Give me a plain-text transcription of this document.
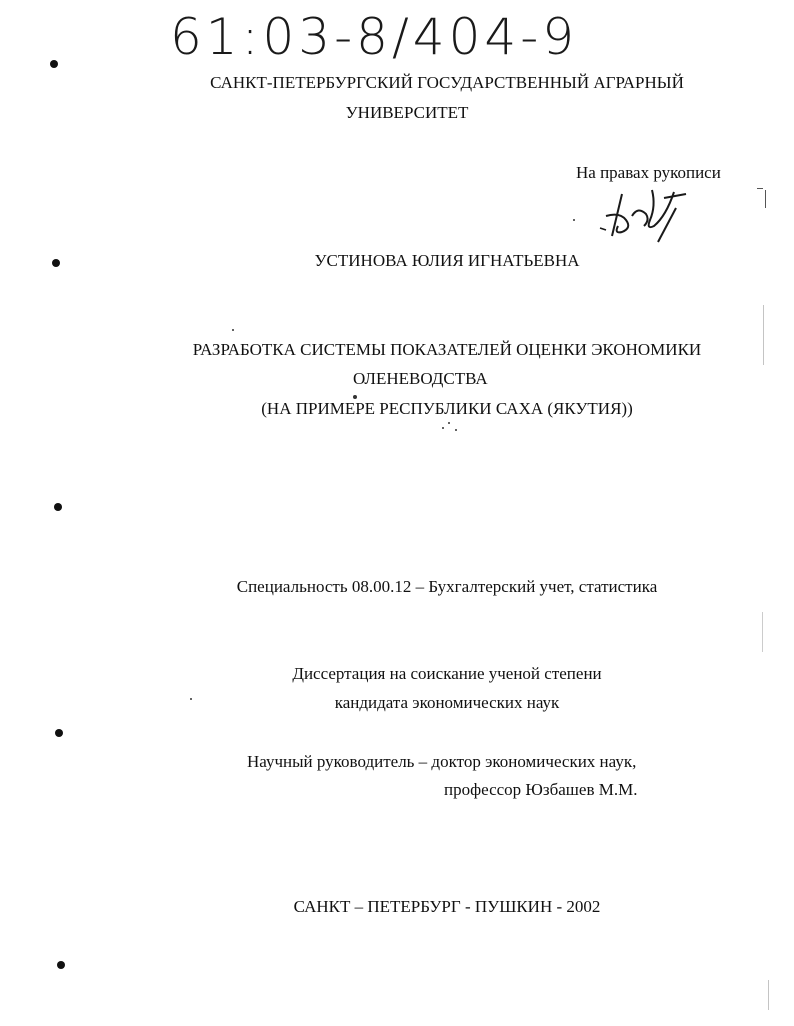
61:03-8/404-9
САНКТ-ПЕТЕРБУРГСКИЙ ГОСУДАРСТВЕННЫЙ АГРАРНЫЙ
УНИВЕРСИТЕТ
На правах рукописи
УСТИНОВА ЮЛИЯ ИГНАТЬЕВНА
РАЗРАБОТКА СИСТЕМЫ ПОКАЗАТЕЛЕЙ ОЦЕНКИ ЭКОНОМИКИ
ОЛЕНЕВОДСТВА
(НА ПРИМЕРЕ РЕСПУБЛИКИ САХА (ЯКУТИЯ))
Специальность 08.00.12 – Бухгалтерский учет, статистика
Диссертация на соискание ученой степени
кандидата экономических наук
Научный руководитель – доктор экономических наук,
профессор Юзбашев М.М.
САНКТ – ПЕТЕРБУРГ - ПУШКИН - 2002
